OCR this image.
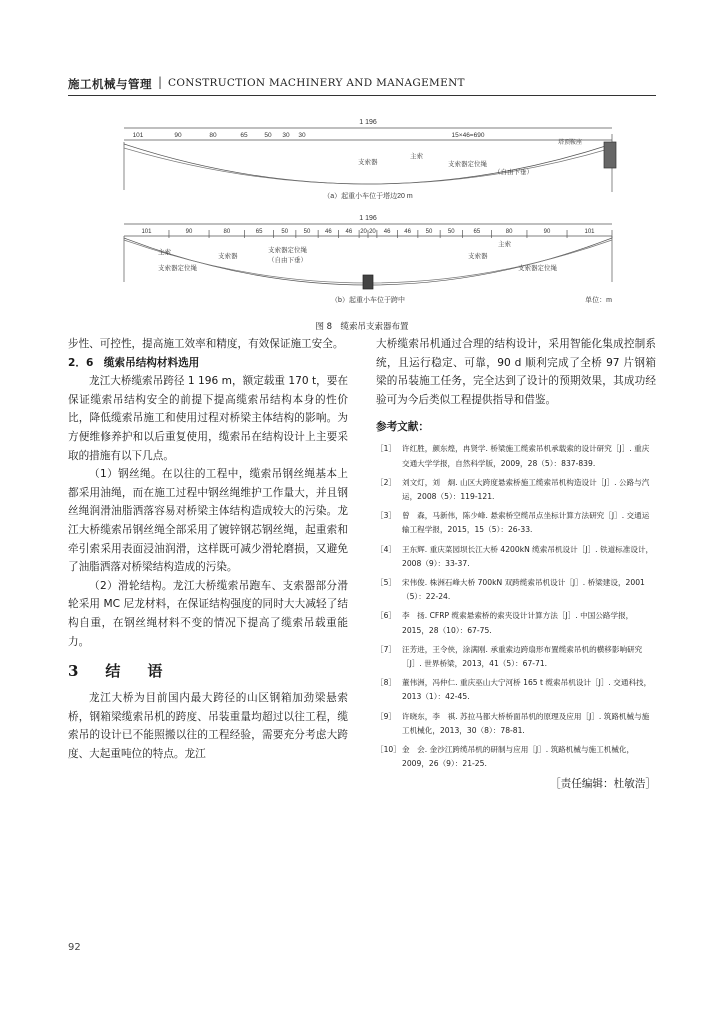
施工机械与管理 | CONSTRUCTION MACHINERY AND MANAGEMENT
1 196
101	90	80	65	50 30 30	15×46=690
支索器
主索
支索器定位绳
（自由下垂）
塔顶鞍座
（a）起重小车位于塔边20 m
1 196
101	90	80	65	50	50 46 46 20 20 46 46 50	50	65	80	90	101
主索
支索器
支索器定位绳
支索器定位绳
（自由下垂）
支索器
主索
支索器定位绳
（b）起重小车位于跨中	单位：m
图 8　缆索吊支索器布置

步性、可控性，提高施工效率和精度，有效保证施工安全。

2．6　缆索吊结构材料选用

龙江大桥缆索吊跨径 1 196 m，额定载重 170 t，要在保证缆索吊结构安全的前提下提高缆索吊结构本身的性价比，降低缆索吊施工和使用过程对桥梁主体结构的影响。为方便维修养护和以后重复使用，缆索吊在结构设计上主要采取的措施有以下几点。

（1）钢丝绳。在以往的工程中，缆索吊钢丝绳基本上都采用油绳，而在施工过程中钢丝绳维护工作量大，并且钢丝绳润滑油脂洒落容易对桥梁主体结构造成较大的污染。龙江大桥缆索吊钢丝绳全部采用了镀锌钢芯钢丝绳，起重索和牵引索采用表面浸油润滑，这样既可减少滑轮磨损，又避免了油脂洒落对桥梁结构造成的污染。

（2）滑轮结构。龙江大桥缆索吊跑车、支索器部分滑轮采用 MC 尼龙材料，在保证结构强度的同时大大减轻了结构自重，在钢丝绳材料不变的情况下提高了缆索吊载重能力。

3　结　语

龙江大桥为目前国内最大跨径的山区钢箱加劲梁悬索桥，钢箱梁缆索吊机的跨度、吊装重量均超过以往工程，缆索吊的设计已不能照搬以往的工程经验，需要充分考虑大跨度、大起重吨位的特点。龙江

大桥缆索吊机通过合理的结构设计，采用智能化集成控制系统，且运行稳定、可靠，90 d 顺利完成了全桥 97 片钢箱梁的吊装施工任务，完全达到了设计的预期效果，其成功经验可为今后类似工程提供指导和借鉴。

参考文献：

［1］ 许红胜，颜东煌，冉贤学. 桥梁施工缆索吊机承载索的设计研究［J］. 重庆交通大学学报，自然科学版，2009，28（5）：837-839.

［2］ 刘文灯，刘　炯. 山区大跨度悬索桥施工缆索吊机构造设计［J］. 公路与汽运，2008（5）：119-121.

［3］ 曾　森，马新伟，陈少峰. 悬索桥空缆吊点坐标计算方法研究［J］. 交通运输工程学报，2015，15（5）：26-33.

［4］ 王东辉. 重庆菜园坝长江大桥 4200kN 缆索吊机设计［J］. 铁道标准设计，2008（9）：33-37.

［5］ 宋伟俊. 株洲石峰大桥 700kN 双跨缆索吊机设计［J］. 桥梁建设，2001（5）：22-24.

［6］ 李　扬. CFRP 缆索悬索桥的索夹设计计算方法［J］. 中国公路学报，2015，28（10）：67-75.

［7］ 汪芳进，王令侠，涂满刚. 承重索边跨扇形布置缆索吊机的横移影响研究［J］. 世界桥梁，2013，41（5）：67-71.

［8］ 董伟洲，冯仲仁. 重庆巫山大宁河桥 165 t 缆索吊机设计［J］. 交通科技，2013（1）：42-45.

［9］ 许晓东，李　祺. 苏拉马都大桥桥面吊机的原理及应用［J］. 筑路机械与施工机械化，2013，30（8）：78-81.

［10］ 金　会. 金沙江跨缆吊机的研制与应用［J］. 筑路机械与施工机械化，2009，26（9）：21-25.

［责任编辑：杜敏浩］
92
